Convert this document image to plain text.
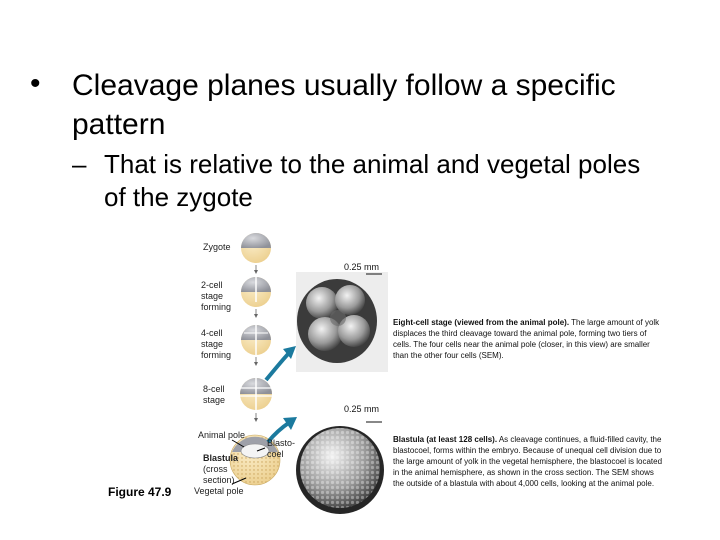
• Cleavage planes usually follow a specific pattern
– That is relative to the animal and vegetal poles of the zygote
Zygote
2-cell stage forming
4-cell stage forming
8-cell stage
Animal pole
Blasto-coel
Blastula
(cross section)
Vegetal pole
0.25 mm
0.25 mm
Eight-cell stage (viewed from the animal pole). The large amount of yolk displaces the third cleavage toward the animal pole, forming two tiers of cells. The four cells near the animal pole (closer, in this view) are smaller than the other four cells (SEM).
Blastula (at least 128 cells). As cleavage continues, a fluid-filled cavity, the blastocoel, forms within the embryo. Because of unequal cell division due to the large amount of yolk in the vegetal hemisphere, the blastocoel is located in the animal hemisphere, as shown in the cross section. The SEM shows the outside of a blastula with about 4,000 cells, looking at the animal pole.
Figure 47.9
